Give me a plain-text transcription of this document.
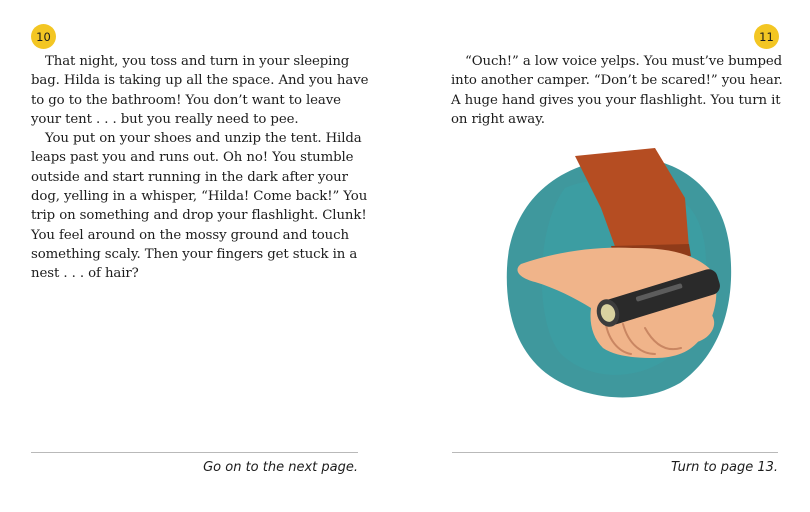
10

That night, you toss and turn in your sleeping bag. Hilda is taking up all the space. And you have to go to the bathroom! You don’t want to leave your tent . . . but you really need to pee.

You put on your shoes and unzip the tent. Hilda leaps past you and runs out. Oh no! You stumble outside and start running in the dark after your dog, yelling in a whisper, “Hilda! Come back!” You trip on something and drop your flashlight. Clunk! You feel around on the mossy ground and touch something scaly. Then your fingers get stuck in a nest . . . of hair?

Go on to the next page.
11

“Ouch!” a low voice yelps. You must’ve bumped into another camper. “Don’t be scared!” you hear. A huge hand gives you your flashlight. You turn it on right away.

Turn to page 13.
